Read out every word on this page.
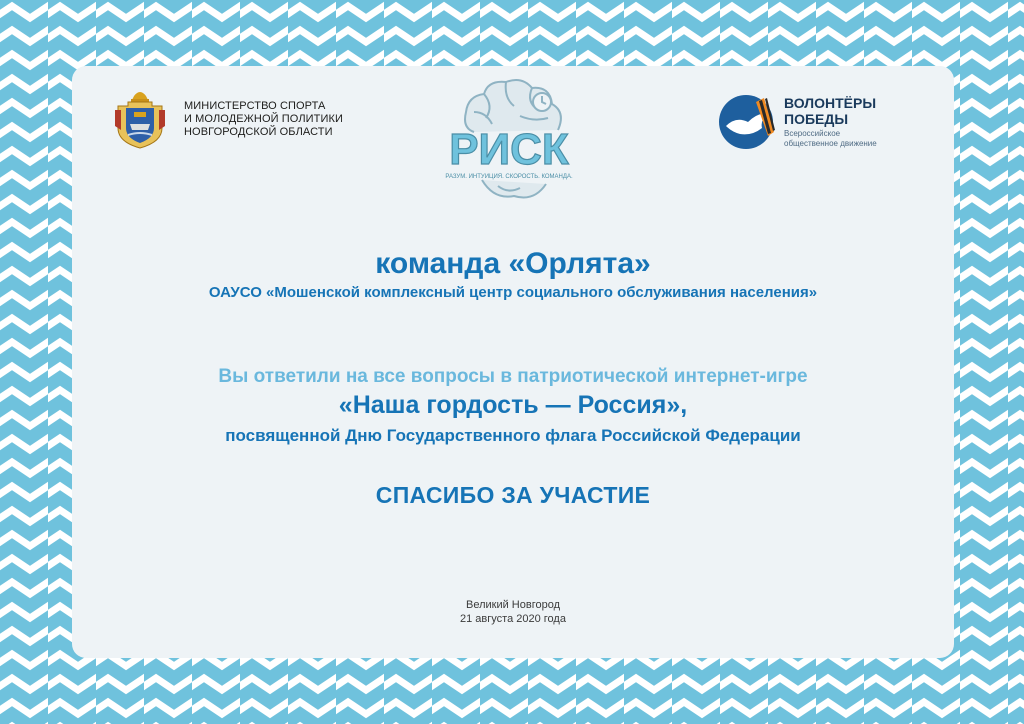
МИНИСТЕРСТВО СПОРТА
И МОЛОДЕЖНОЙ ПОЛИТИКИ
НОВГОРОДСКОЙ ОБЛАСТИ	РИСК
РАЗУМ. ИНТУИЦИЯ. СКОРОСТЬ. КОМАНДА.
ВОЛОНТЁРЫ
ПОБЕДЫ
Всероссийское
общественное движение
команда «Орлята»
ОАУСО «Мошенской комплексный центр социального обслуживания населения»
Вы ответили на все вопросы в патриотической интернет-игре
«Наша гордость — Россия»,
посвященной Дню Государственного флага Российской Федерации
СПАСИБО ЗА УЧАСТИЕ
Великий Новгород
21 августа 2020 года
